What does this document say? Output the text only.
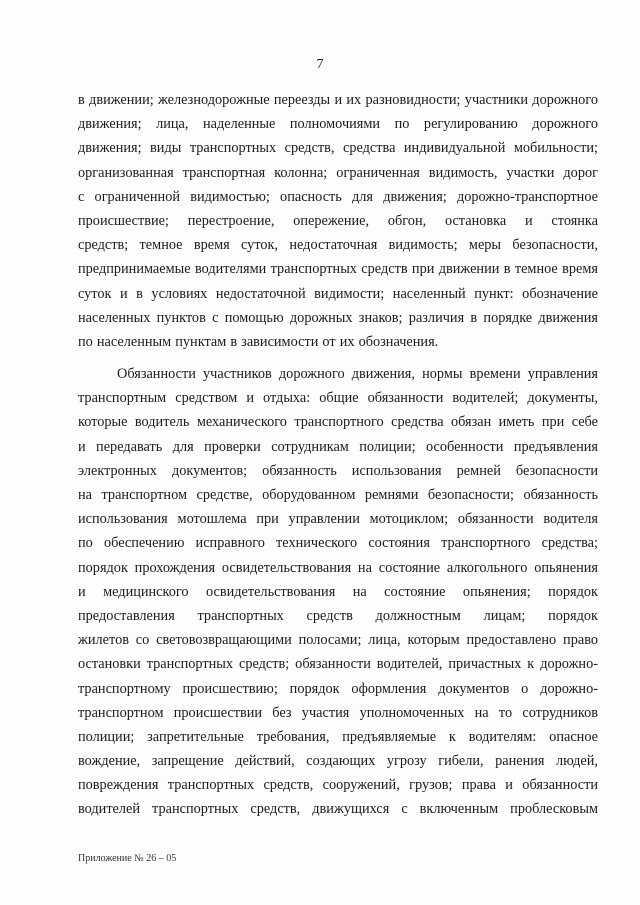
7
в движении; железнодорожные переезды и их разновидности; участники дорожного
движения; лица, наделенные полномочиями по регулированию дорожного
движения; виды транспортных средств, средства индивидуальной мобильности;
организованная транспортная колонна; ограниченная видимость, участки дорог
с ограниченной видимостью; опасность для движения; дорожно-транспортное
происшествие; перестроение, опережение, обгон, остановка и стоянка
средств; темное время суток, недостаточная видимость; меры безопасности,
предпринимаемые водителями транспортных средств при движении в темное время
суток и в условиях недостаточной видимости; населенный пункт: обозначение
населенных пунктов с помощью дорожных знаков; различия в порядке движения
по населенным пунктам в зависимости от их обозначения.
Обязанности участников дорожного движения, нормы времени управления
транспортным средством и отдыха: общие обязанности водителей; документы,
которые водитель механического транспортного средства обязан иметь при себе
и передавать для проверки сотрудникам полиции; особенности предъявления
электронных документов; обязанность использования ремней безопасности
на транспортном средстве, оборудованном ремнями безопасности; обязанность
использования мотошлема при управлении мотоциклом; обязанности водителя
по обеспечению исправного технического состояния транспортного средства;
порядок прохождения освидетельствования на состояние алкогольного опьянения
и медицинского освидетельствования на состояние опьянения; порядок
предоставления транспортных средств должностным лицам; порядок
жилетов со световозвращающими полосами; лица, которым предоставлено право
остановки транспортных средств; обязанности водителей, причастных к дорожно-
транспортному происшествию; порядок оформления документов о дорожно-
транспортном происшествии без участия уполномоченных на то сотрудников
полиции; запретительные требования, предъявляемые к водителям: опасное
вождение, запрещение действий, создающих угрозу гибели, ранения людей,
повреждения транспортных средств, сооружений, грузов; права и обязанности
водителей транспортных средств, движущихся с включенным проблесковым
Приложение № 26 – 05
